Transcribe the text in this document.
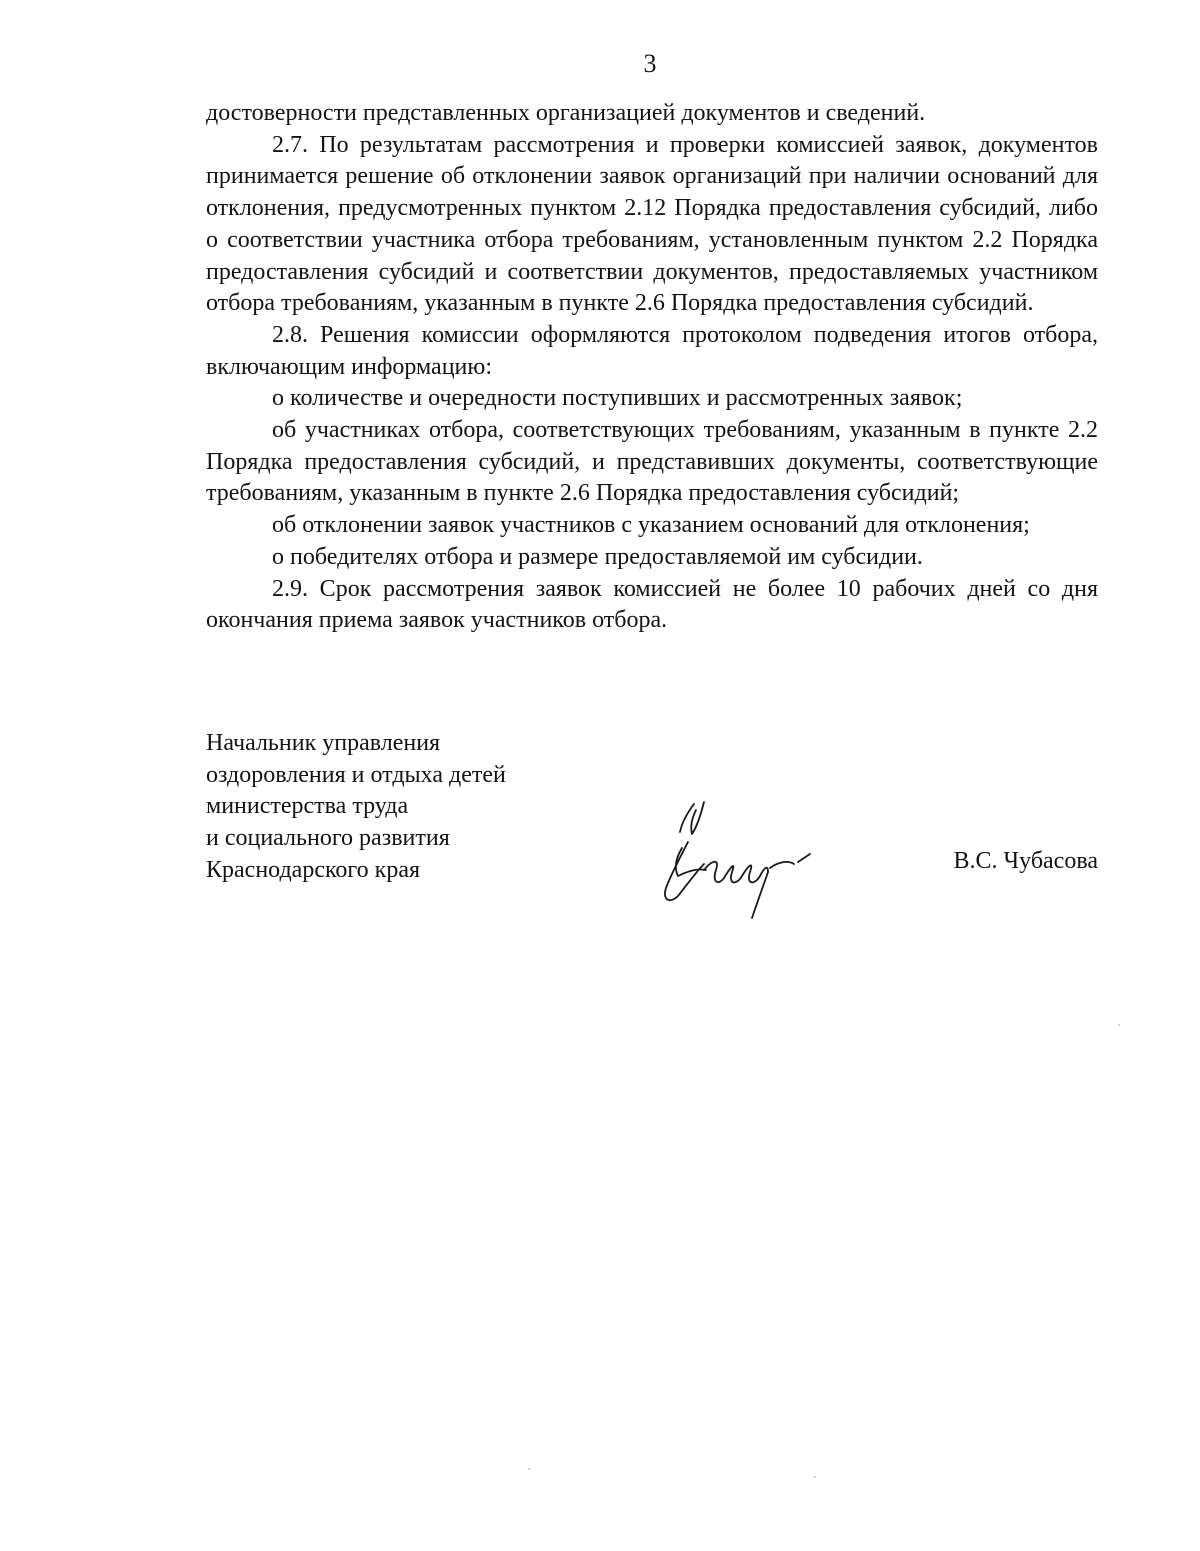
3

достоверности представленных организацией документов и сведений.

2.7. По результатам рассмотрения и проверки комиссией заявок, документов принимается решение об отклонении заявок организаций при наличии оснований для отклонения, предусмотренных пунктом 2.12 Порядка предоставления субсидий, либо о соответствии участника отбора требованиям, установленным пунктом 2.2 Порядка предоставления субсидий и соответствии документов, предоставляемых участником отбора требованиям, указанным в пункте 2.6 Порядка предоставления субсидий.

2.8. Решения комиссии оформляются протоколом подведения итогов отбора, включающим информацию:

о количестве и очередности поступивших и рассмотренных заявок;

об участниках отбора, соответствующих требованиям, указанным в пункте 2.2 Порядка предоставления субсидий, и представивших документы, соответствующие требованиям, указанным в пункте 2.6 Порядка предоставления субсидий;

об отклонении заявок участников с указанием оснований для отклонения;

о победителях отбора и размере предоставляемой им субсидии.

2.9. Срок рассмотрения заявок комиссией не более 10 рабочих дней со дня окончания приема заявок участников отбора.

Начальник управления
оздоровления и отдыха детей
министерства труда
и социального развития
Краснодарского края	В.С. Чубасова
